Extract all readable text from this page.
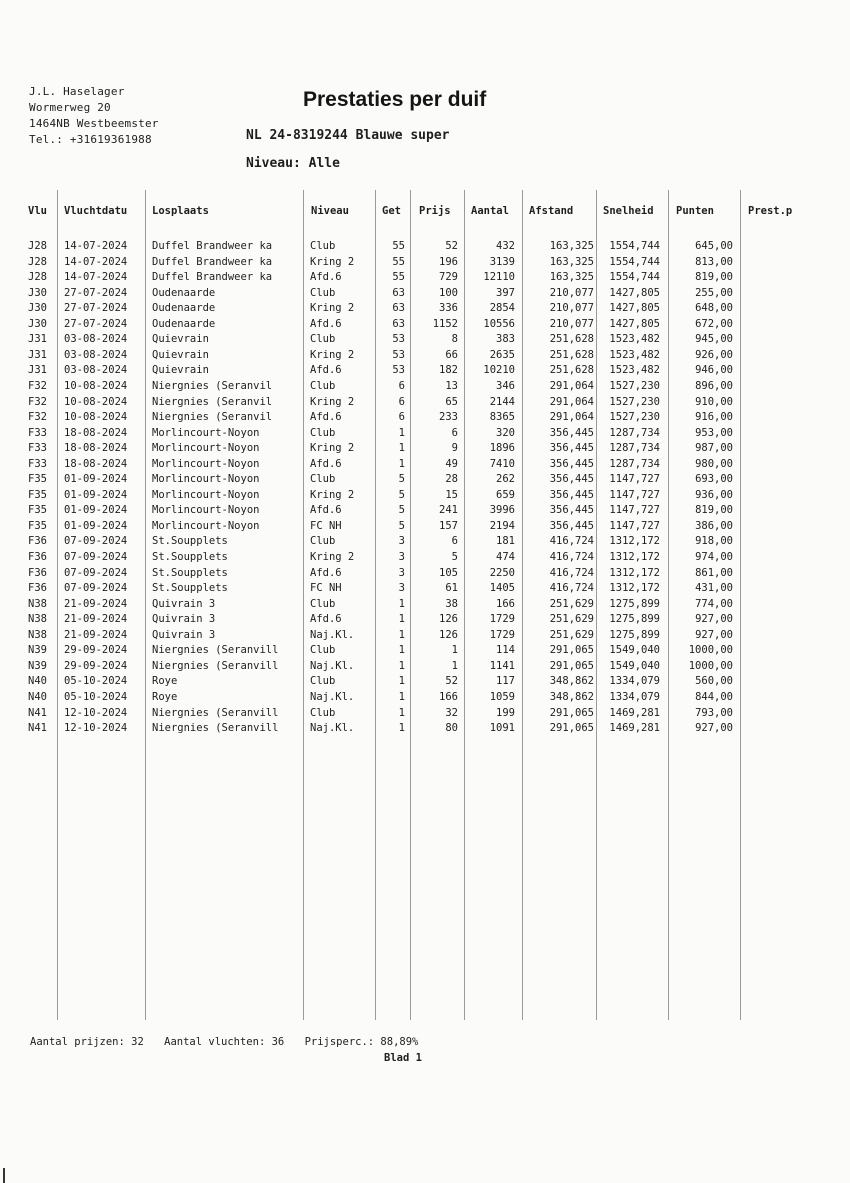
J.L. Haselager
Wormerweg 20
1464NB Westbeemster
Tel.: +31619361988
Prestaties per duif
NL 24-8319244 Blauwe super
Niveau: Alle
Vlu	Vluchtdatu	Losplaats	Niveau	Get	Prijs	Aantal	Afstand	Snelheid	Punten	Prest.p
J28	14-07-2024	Duffel Brandweer ka	Club	55	52	432	163,325	1554,744	645,00
J28	14-07-2024	Duffel Brandweer ka	Kring 2	55	196	3139	163,325	1554,744	813,00
J28	14-07-2024	Duffel Brandweer ka	Afd.6	55	729	12110	163,325	1554,744	819,00
J30	27-07-2024	Oudenaarde	Club	63	100	397	210,077	1427,805	255,00
J30	27-07-2024	Oudenaarde	Kring 2	63	336	2854	210,077	1427,805	648,00
J30	27-07-2024	Oudenaarde	Afd.6	63	1152	10556	210,077	1427,805	672,00
J31	03-08-2024	Quievrain	Club	53	8	383	251,628	1523,482	945,00
J31	03-08-2024	Quievrain	Kring 2	53	66	2635	251,628	1523,482	926,00
J31	03-08-2024	Quievrain	Afd.6	53	182	10210	251,628	1523,482	946,00
F32	10-08-2024	Niergnies (Seranvil	Club	6	13	346	291,064	1527,230	896,00
F32	10-08-2024	Niergnies (Seranvil	Kring 2	6	65	2144	291,064	1527,230	910,00
F32	10-08-2024	Niergnies (Seranvil	Afd.6	6	233	8365	291,064	1527,230	916,00
F33	18-08-2024	Morlincourt-Noyon	Club	1	6	320	356,445	1287,734	953,00
F33	18-08-2024	Morlincourt-Noyon	Kring 2	1	9	1896	356,445	1287,734	987,00
F33	18-08-2024	Morlincourt-Noyon	Afd.6	1	49	7410	356,445	1287,734	980,00
F35	01-09-2024	Morlincourt-Noyon	Club	5	28	262	356,445	1147,727	693,00
F35	01-09-2024	Morlincourt-Noyon	Kring 2	5	15	659	356,445	1147,727	936,00
F35	01-09-2024	Morlincourt-Noyon	Afd.6	5	241	3996	356,445	1147,727	819,00
F35	01-09-2024	Morlincourt-Noyon	FC NH	5	157	2194	356,445	1147,727	386,00
F36	07-09-2024	St.Soupplets	Club	3	6	181	416,724	1312,172	918,00
F36	07-09-2024	St.Soupplets	Kring 2	3	5	474	416,724	1312,172	974,00
F36	07-09-2024	St.Soupplets	Afd.6	3	105	2250	416,724	1312,172	861,00
F36	07-09-2024	St.Soupplets	FC NH	3	61	1405	416,724	1312,172	431,00
N38	21-09-2024	Quivrain 3	Club	1	38	166	251,629	1275,899	774,00
N38	21-09-2024	Quivrain 3	Afd.6	1	126	1729	251,629	1275,899	927,00
N38	21-09-2024	Quivrain 3	Naj.Kl.	1	126	1729	251,629	1275,899	927,00
N39	29-09-2024	Niergnies (Seranvill	Club	1	1	114	291,065	1549,040	1000,00
N39	29-09-2024	Niergnies (Seranvill	Naj.Kl.	1	1	1141	291,065	1549,040	1000,00
N40	05-10-2024	Roye	Club	1	52	117	348,862	1334,079	560,00
N40	05-10-2024	Roye	Naj.Kl.	1	166	1059	348,862	1334,079	844,00
N41	12-10-2024	Niergnies (Seranvill	Club	1	32	199	291,065	1469,281	793,00
N41	12-10-2024	Niergnies (Seranvill	Naj.Kl.	1	80	1091	291,065	1469,281	927,00
Aantal prijzen: 32 Aantal vluchten: 36 Prijsperc.: 88,89%
Blad 1
